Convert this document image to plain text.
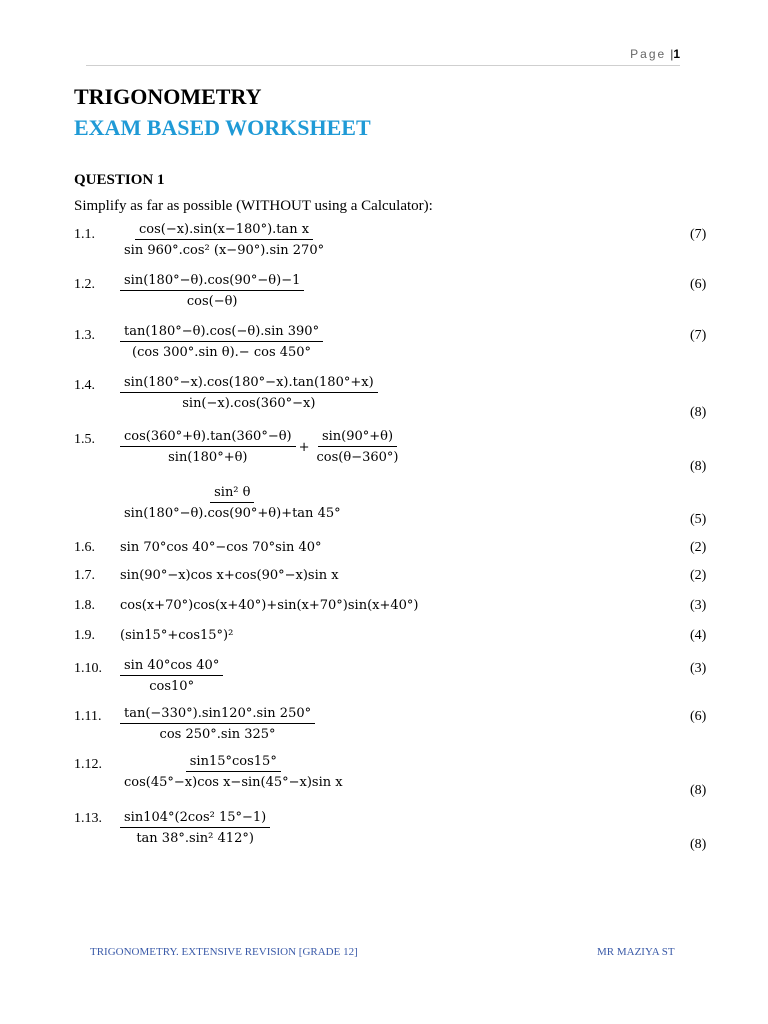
Page |1
TRIGONOMETRY
EXAM BASED WORKSHEET
QUESTION 1
Simplify as far as possible (WITHOUT using a Calculator):
1.1. $\frac{\text{cos(−x).sin(x−180°).tan x}}{\text{sin 960°.cos² (x−90°).sin 270°}}$	(7)
1.2. $\frac{\sin(180^\circ-\theta).\cos(90^\circ-\theta)-1}{\cos(-\theta)}$	(6)
1.3. $\frac{\tan(180^\circ-\theta).\cos(-\theta).\sin 390^\circ}{\text{(cos 300°.sin θ).− cos 450°}}$	(7)
1.4. $\frac{\sin(180^\circ-x).\cos(180^\circ-x).\tan(180^\circ+x)}{\sin(-x).\cos(360^\circ-x)}$
(8)
1.5. $\frac{\cos(360^\circ+\theta).\tan(360^\circ-\theta)}{\sin(180^\circ+\theta)} + \frac{\sin(90^\circ+\theta)}{\cos(\theta-360^\circ)}$
(8)
$\frac{\text{sin² θ}}{\sin(180^\circ-\theta).\cos(90^\circ+\theta)+\tan 45^\circ}$	(5)
1.6. sin 70°cos 40°−cos 70°sin 40°	(2)
1.7. sin(90°−x)cos x+cos(90°−x)sin x	(2)
1.8. cos(x+70°)cos(x+40°)+sin(x+70°)sin(x+40°)	(3)
1.9. (sin15°+cos15°)²	(4)
1.10. $\frac{\sin 40^\circ\cos 40^\circ}{\cos 10^\circ}$	(3)
1.11. $\frac{\tan(-330^\circ).\sin 120^\circ.\sin 250^\circ}{\cos 250^\circ.\sin 325^\circ}$	(6)
1.12. $\frac{\sin 15^\circ\cos 15^\circ}{\text{cos(45°−x)cos x−sin(45°−x)sin x}}$
(8)
1.13. $\frac{\text{sin104°(2cos² 15°−1)}}{\text{tan 38°.sin² 412°)}}$	(8)
TRIGONOMETRY. EXTENSIVE REVISION [GRADE 12]	MR MAZIYA ST
